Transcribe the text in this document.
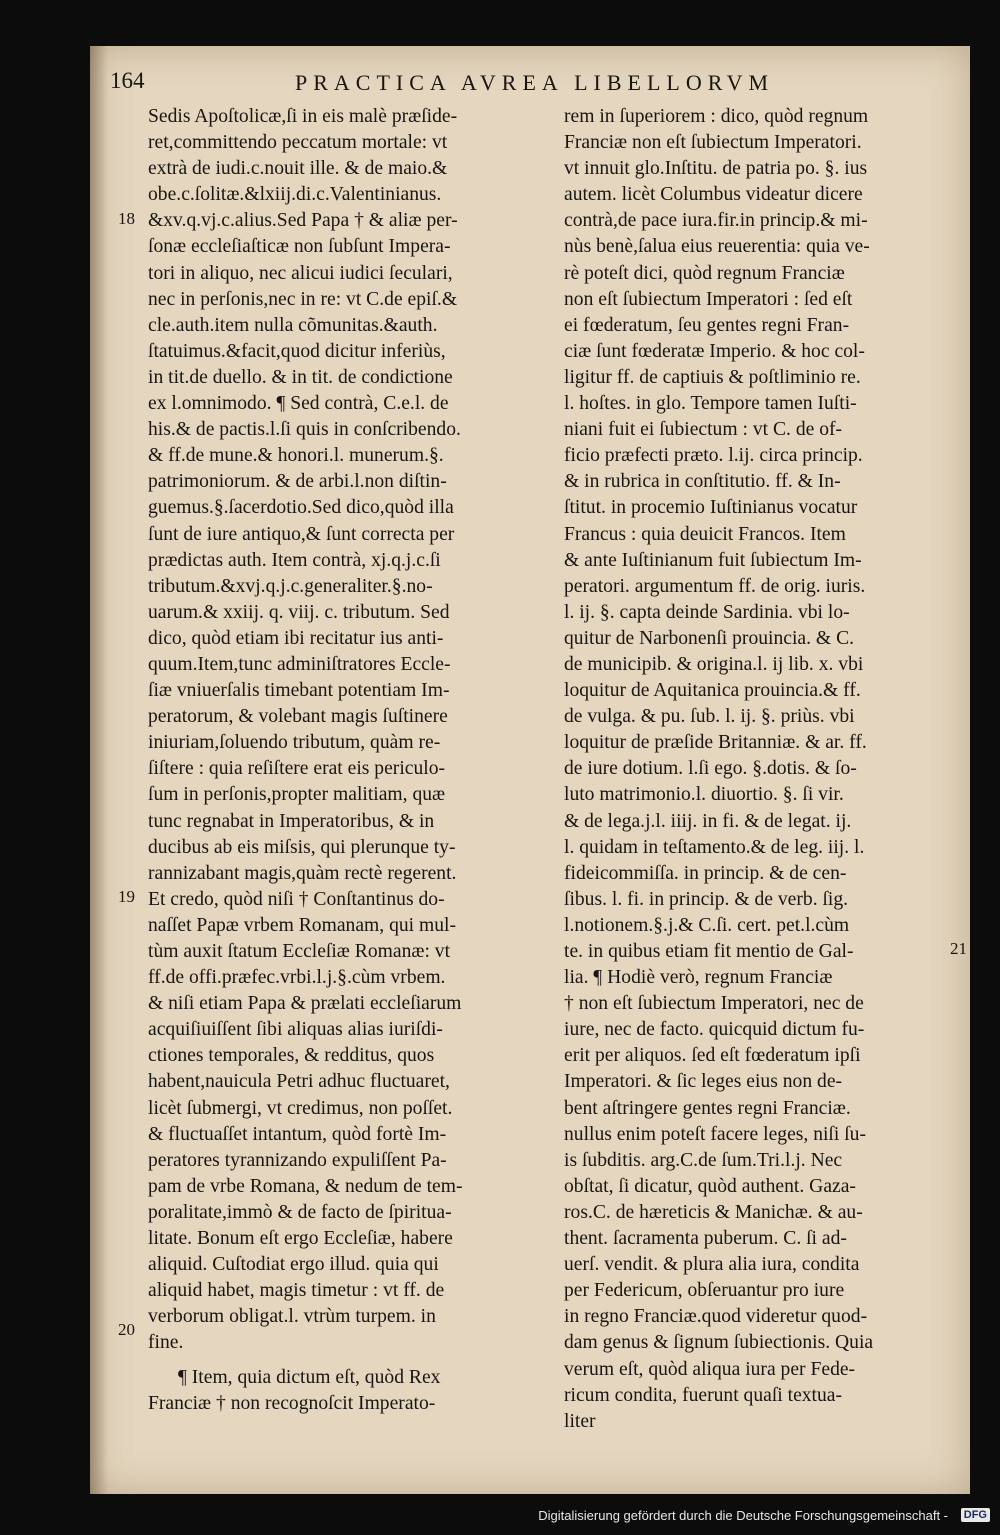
164	PRACTICA AVREA LIBELLORVM
Sedis Apoſtolicæ,ſi in eis malè præſide-
ret,committendo peccatum mortale: vt
extrà de iudi.c.nouit ille. & de maio.&
obe.c.ſolitæ.&lxiij.di.c.Valentinianus.
&xv.q.vj.c.alius.Sed Papa † & aliæ per-
ſonæ eccleſiaſticæ non ſubſunt Impera-
tori in aliquo, nec alicui iudici ſeculari,
nec in perſonis,nec in re: vt C.de epiſ.&
cle.auth.item nulla cõmunitas.&auth.
ſtatuimus.&facit,quod dicitur inferiùs,
in tit.de duello. & in tit. de condictione
ex l.omnimodo. ¶ Sed contrà, C.e.l. de
his.& de pactis.l.ſi quis in conſcribendo.
& ff.de mune.& honori.l. munerum.§.
patrimoniorum. & de arbi.l.non diſtin-
guemus.§.ſacerdotio.Sed dico,quòd illa
ſunt de iure antiquo,& ſunt correcta per
prædictas auth. Item contrà, xj.q.j.c.ſi
tributum.&xvj.q.j.c.generaliter.§.no-
uarum.& xxiij. q. viij. c. tributum. Sed
dico, quòd etiam ibi recitatur ius anti-
quum.Item,tunc adminiſtratores Eccle-
ſiæ vniuerſalis timebant potentiam Im-
peratorum, & volebant magis ſuſtinere
iniuriam,ſoluendo tributum, quàm re-
ſiſtere : quia reſiſtere erat eis periculo-
ſum in perſonis,propter malitiam, quæ
tunc regnabat in Imperatoribus, & in
ducibus ab eis miſsis, qui plerunque ty-
rannizabant magis,quàm rectè regerent.
Et credo, quòd niſi † Conſtantinus do-
naſſet Papæ vrbem Romanam, qui mul-
tùm auxit ſtatum Eccleſiæ Romanæ: vt
ff.de offi.præfec.vrbi.l.j.§.cùm vrbem.
& niſi etiam Papa & prælati eccleſiarum
acquiſiuiſſent ſibi aliquas alias iuriſdi-
ctiones temporales, & redditus, quos
habent,nauicula Petri adhuc fluctuaret,
licèt ſubmergi, vt credimus, non poſſet.
& fluctuaſſet intantum, quòd fortè Im-
peratores tyrannizando expuliſſent Pa-
pam de vrbe Romana, & nedum de tem-
poralitate,immò & de facto de ſpiritua-
litate. Bonum eſt ergo Eccleſiæ, habere
aliquid. Cuſtodiat ergo illud. quia qui
aliquid habet, magis timetur : vt ff. de
verborum obligat.l. vtrùm turpem. in
fine.
¶ Item, quia dictum eſt, quòd Rex
Franciæ † non recognoſcit Imperato-
rem in ſuperiorem : dico, quòd regnum
Franciæ non eſt ſubiectum Imperatori.
vt innuit glo.Inſtitu. de patria po. §. ius
autem. licèt Columbus videatur dicere
contrà,de pace iura.fir.in princip.& mi-
nùs benè,ſalua eius reuerentia: quia ve-
rè poteſt dici, quòd regnum Franciæ
non eſt ſubiectum Imperatori : ſed eſt
ei fœderatum, ſeu gentes regni Fran-
ciæ ſunt fœderatæ Imperio. & hoc col-
ligitur ff. de captiuis & poſtliminio re.
l. hoſtes. in glo. Tempore tamen Iuſti-
niani fuit ei ſubiectum : vt C. de of-
ficio præfecti præto. l.ij. circa princip.
& in rubrica in conſtitutio. ff. & In-
ſtitut. in procemio Iuſtinianus vocatur
Francus : quia deuicit Francos. Item
& ante Iuſtinianum fuit ſubiectum Im-
peratori. argumentum ff. de orig. iuris.
l. ij. §. capta deinde Sardinia. vbi lo-
quitur de Narbonenſi prouincia. & C.
de municipib. & origina.l. ij lib. x. vbi
loquitur de Aquitanica prouincia.& ff.
de vulga. & pu. ſub. l. ij. §. priùs. vbi
loquitur de præſide Britanniæ. & ar. ff.
de iure dotium. l.ſi ego. §.dotis. & ſo-
luto matrimonio.l. diuortio. §. ſi vir.
& de lega.j.l. iiij. in fi. & de legat. ij.
l. quidam in teſtamento.& de leg. iij. l.
fideicommiſſa. in princip. & de cen-
ſibus. l. fi. in princip. & de verb. ſig.
l.notionem.§.j.& C.ſi. cert. pet.l.cùm
te. in quibus etiam fit mentio de Gal-
lia. ¶ Hodiè verò, regnum Franciæ
† non eſt ſubiectum Imperatori, nec de
iure, nec de facto. quicquid dictum fu-
erit per aliquos. ſed eſt fœderatum ipſi
Imperatori. & ſic leges eius non de-
bent aſtringere gentes regni Franciæ.
nullus enim poteſt facere leges, niſi ſu-
is ſubditis. arg.C.de ſum.Tri.l.j. Nec
obſtat, ſi dicatur, quòd authent. Gaza-
ros.C. de hæreticis & Manichæ. & au-
thent. ſacramenta puberum. C. ſi ad-
uerſ. vendit. & plura alia iura, condita
per Federicum, obſeruantur pro iure
in regno Franciæ.quod videretur quod-
dam genus & ſignum ſubiectionis. Quia
verum eſt, quòd aliqua iura per Fede-
ricum condita, fuerunt quaſi textua-
liter
18
19
20
21
Digitalisierung gefördert durch die Deutsche Forschungsgemeinschaft - DFG
